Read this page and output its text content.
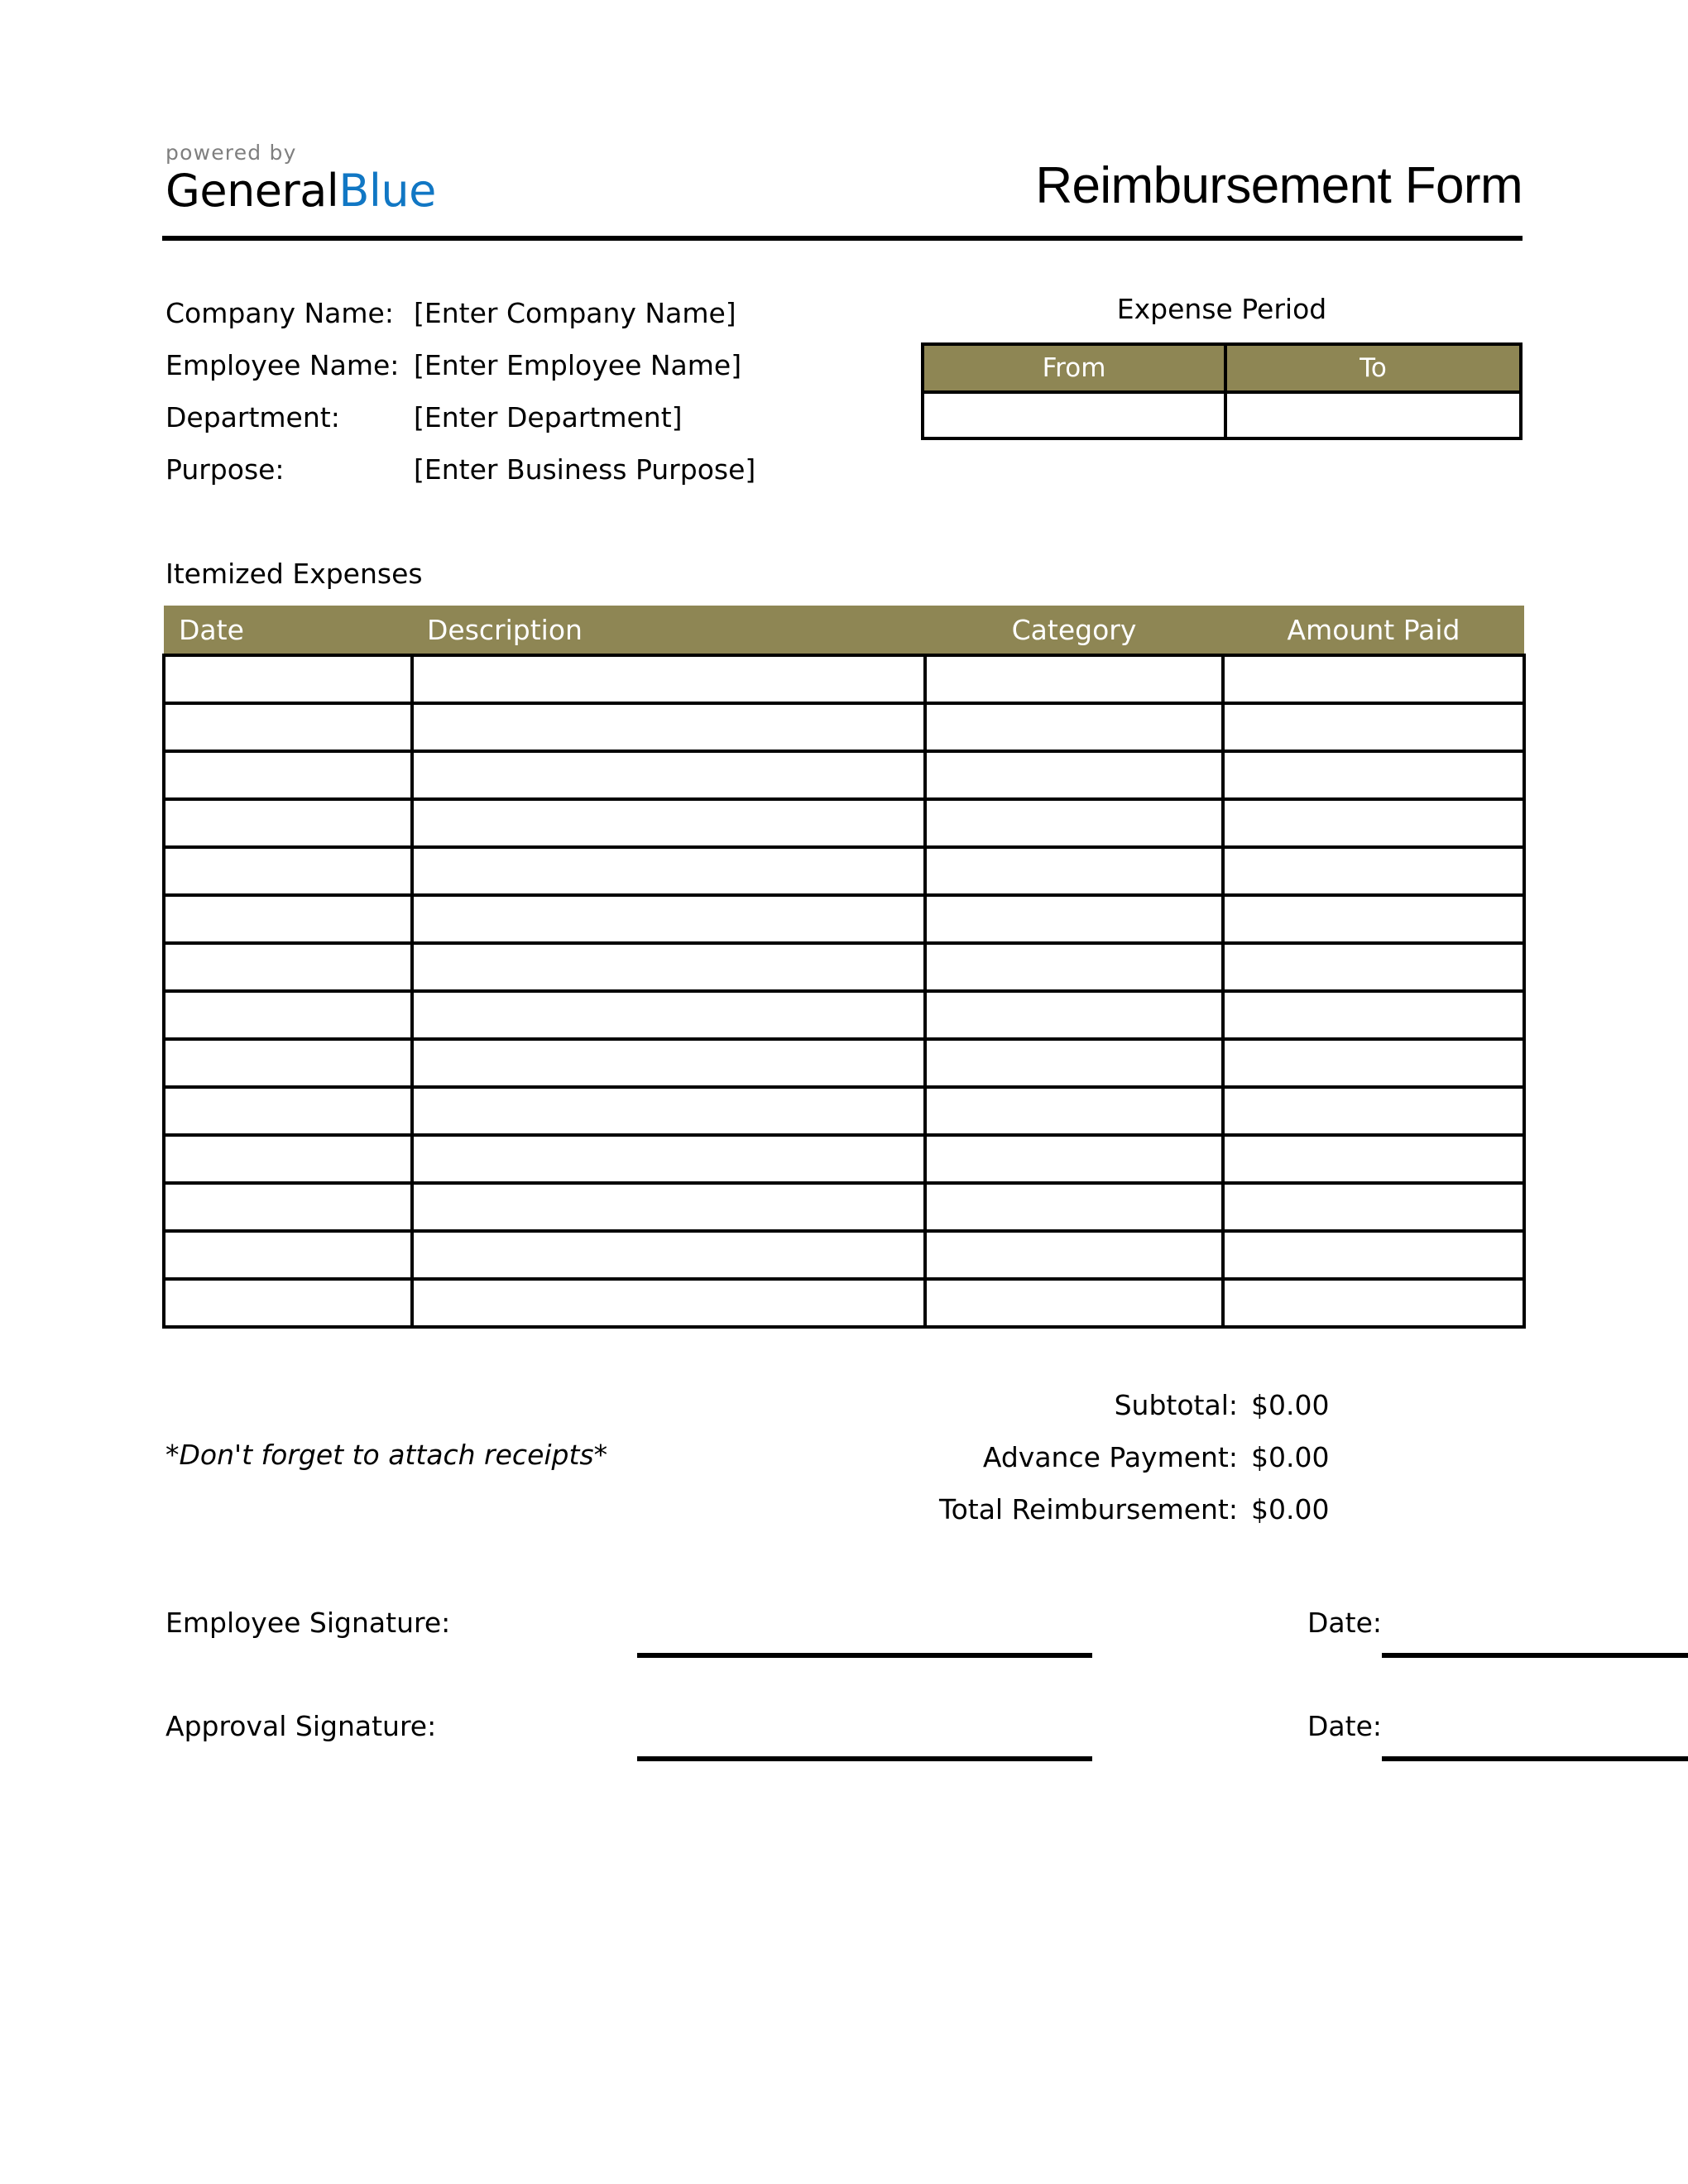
powered by
GeneralBlue	Reimbursement Form
Company Name: [Enter Company Name]
Employee Name: [Enter Employee Name]
Department:	[Enter Department]
Purpose:	[Enter Business Purpose]
Expense Period
From	To

Itemized Expenses
Date	Description	Category	Amount Paid

*Don't forget to attach receipts*
Subtotal: $0.00
Advance Payment: $0.00
Total Reimbursement: $0.00
Employee Signature:	Date:
Approval Signature:	Date:
